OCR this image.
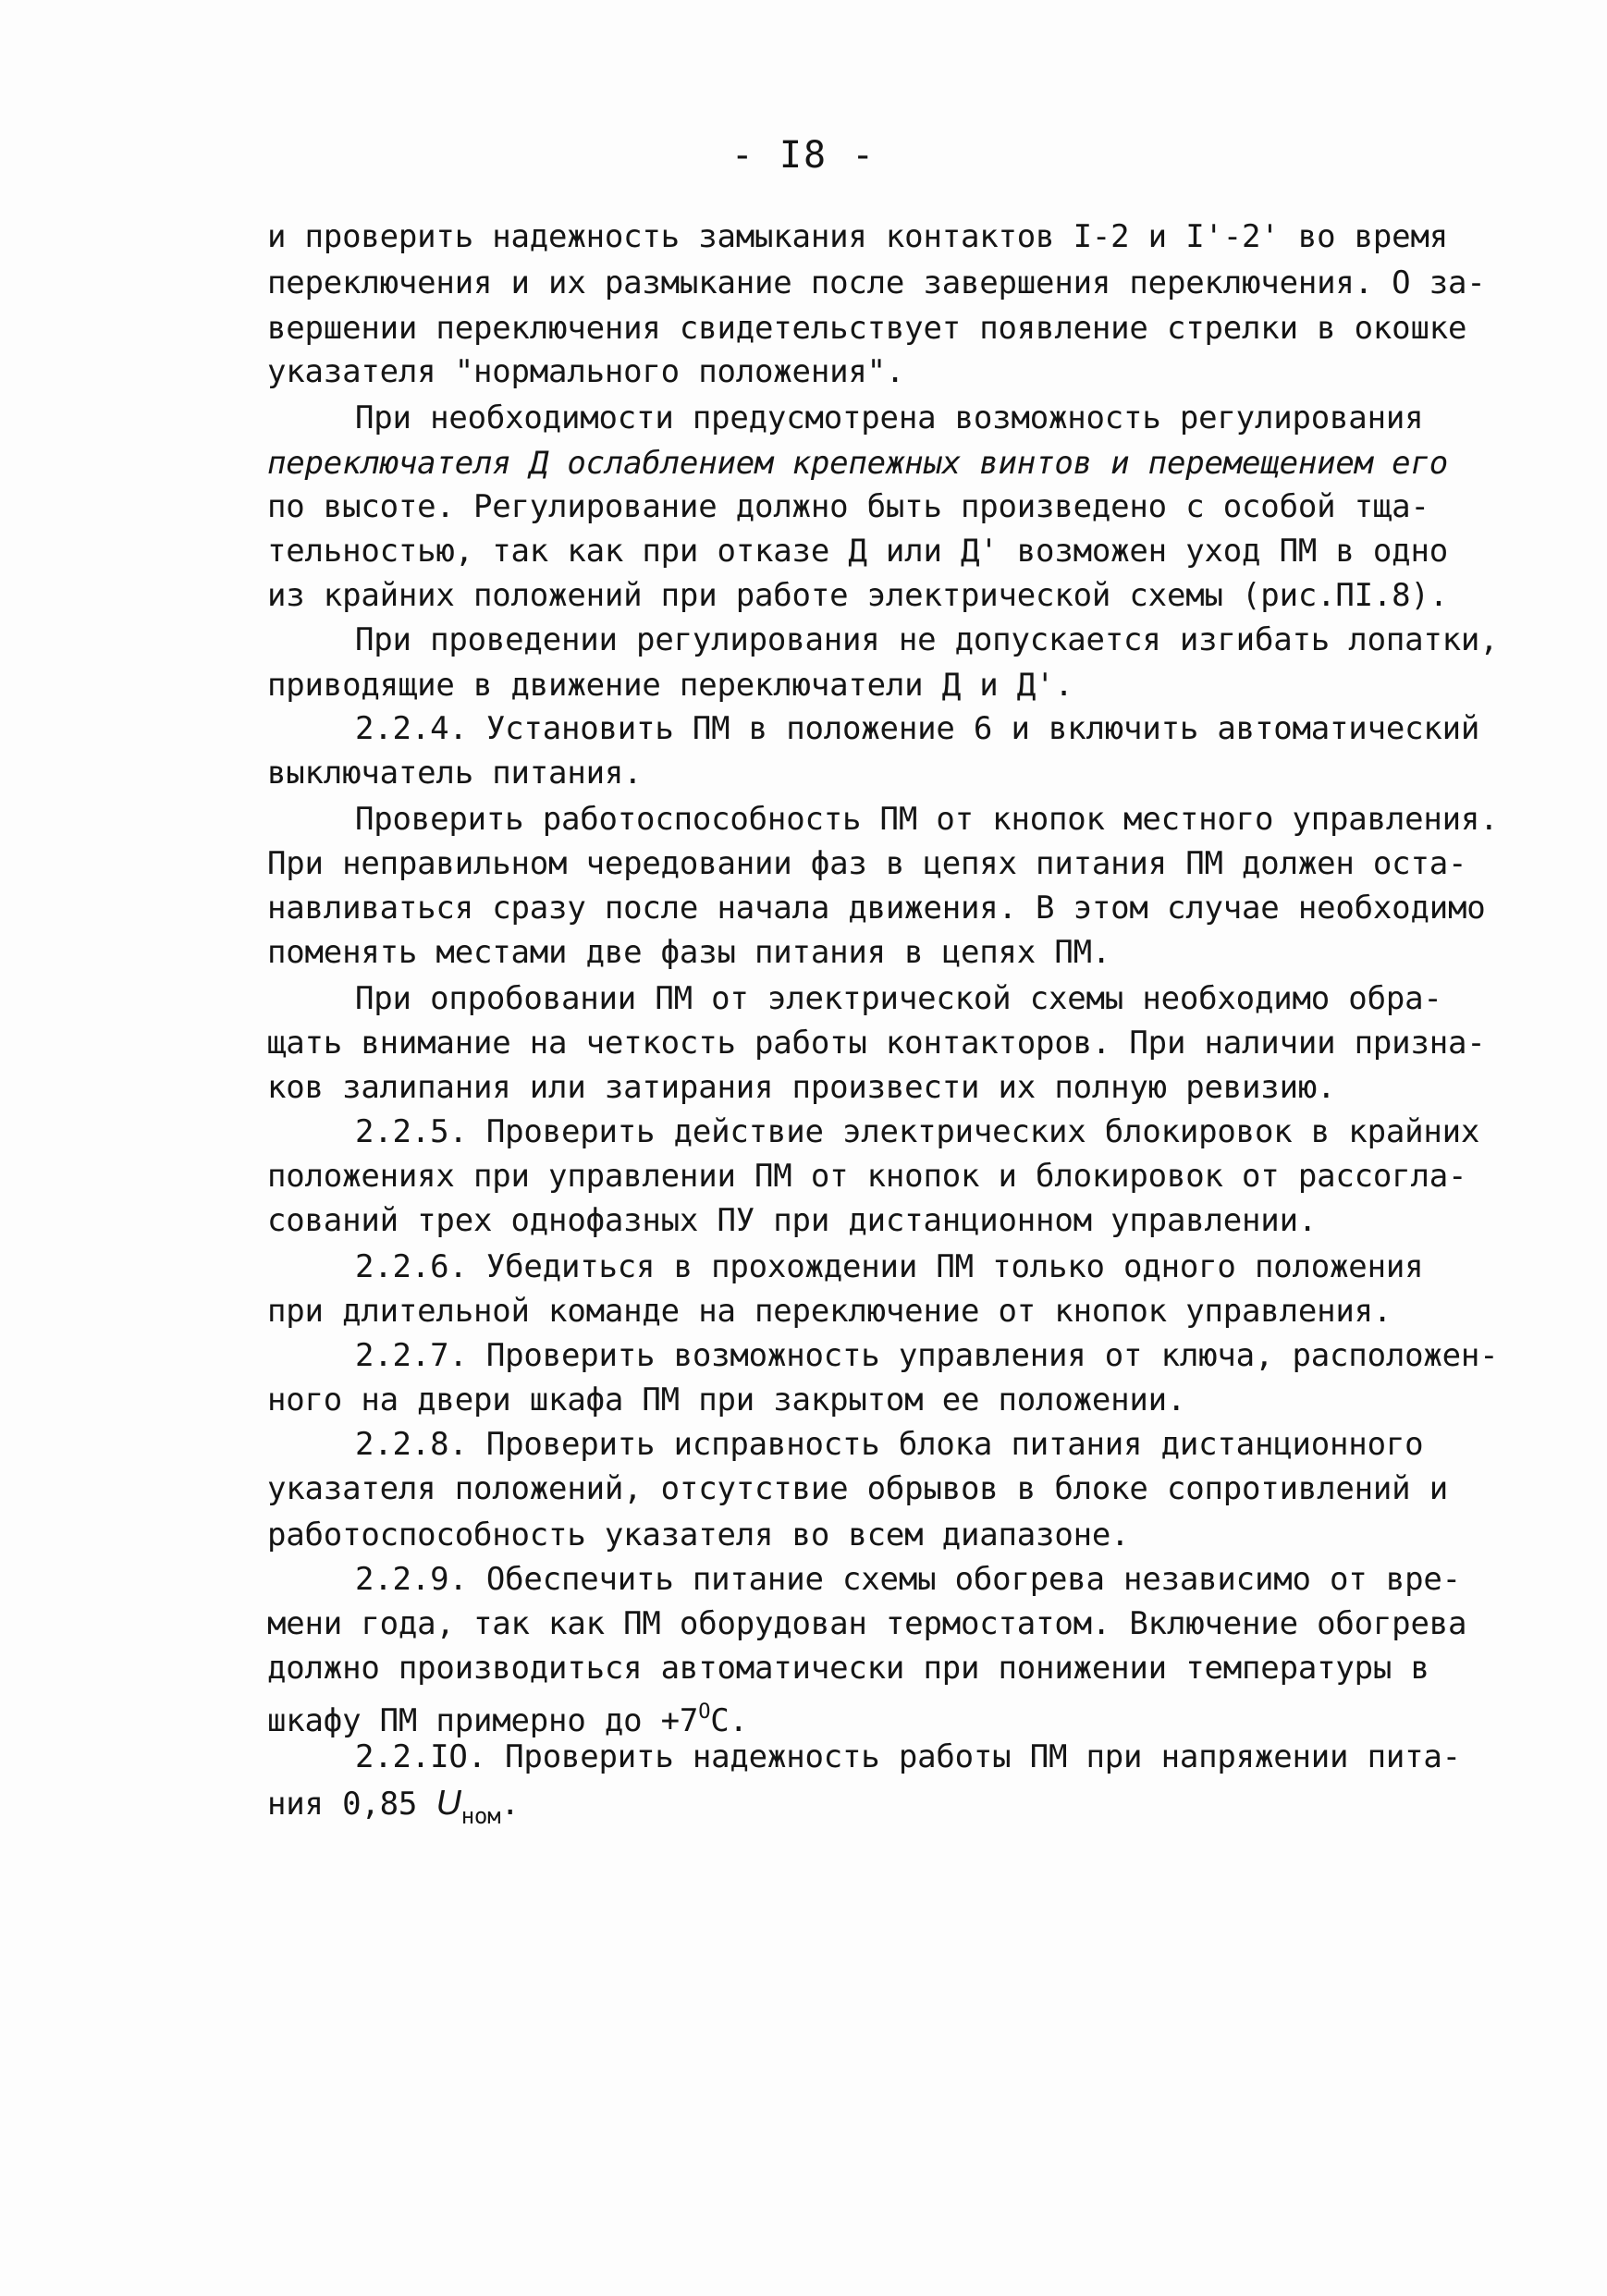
- I8 -
и проверить надежность замыкания контактов I-2 и I'-2' во время
переключения и их размыкание после завершения переключения. О за-
вершении переключения свидетельствует появление стрелки в окошке
указателя "нормального положения".
При необходимости предусмотрена возможность регулирования
переключателя Д ослаблением крепежных винтов и перемещением его
по высоте. Регулирование должно быть произведено с особой тща-
тельностью, так как при отказе Д или Д' возможен уход ПМ в одно
из крайних положений при работе электрической схемы (рис.ПI.8).
При проведении регулирования не допускается изгибать лопатки,
приводящие в движение переключатели Д и Д'.
2.2.4. Установить ПМ в положение 6 и включить автоматический
выключатель питания.
Проверить работоспособность ПМ от кнопок местного управления.
При неправильном чередовании фаз в цепях питания ПМ должен оста-
навливаться сразу после начала движения. В этом случае необходимо
поменять местами две фазы питания в цепях ПМ.
При опробовании ПМ от электрической схемы необходимо обра-
щать внимание на четкость работы контакторов. При наличии призна-
ков залипания или затирания произвести их полную ревизию.
2.2.5. Проверить действие электрических блокировок в крайних
положениях при управлении ПМ от кнопок и блокировок от рассогла-
сований трех однофазных ПУ при дистанционном управлении.
2.2.6. Убедиться в прохождении ПМ только одного положения
при длительной команде на переключение от кнопок управления.
2.2.7. Проверить возможность управления от ключа, расположен-
ного на двери шкафа ПМ при закрытом ее положении.
2.2.8. Проверить исправность блока питания дистанционного
указателя положений, отсутствие обрывов в блоке сопротивлений и
работоспособность указателя во всем диапазоне.
2.2.9. Обеспечить питание схемы обогрева независимо от вре-
мени года, так как ПМ оборудован термостатом. Включение обогрева
должно производиться автоматически при понижении температуры в
шкафу ПМ примерно до $+7^OC$.
2.2.IO. Проверить надежность работы ПМ при напряжении пита-
ния 0,85 $U_{ном}$.
